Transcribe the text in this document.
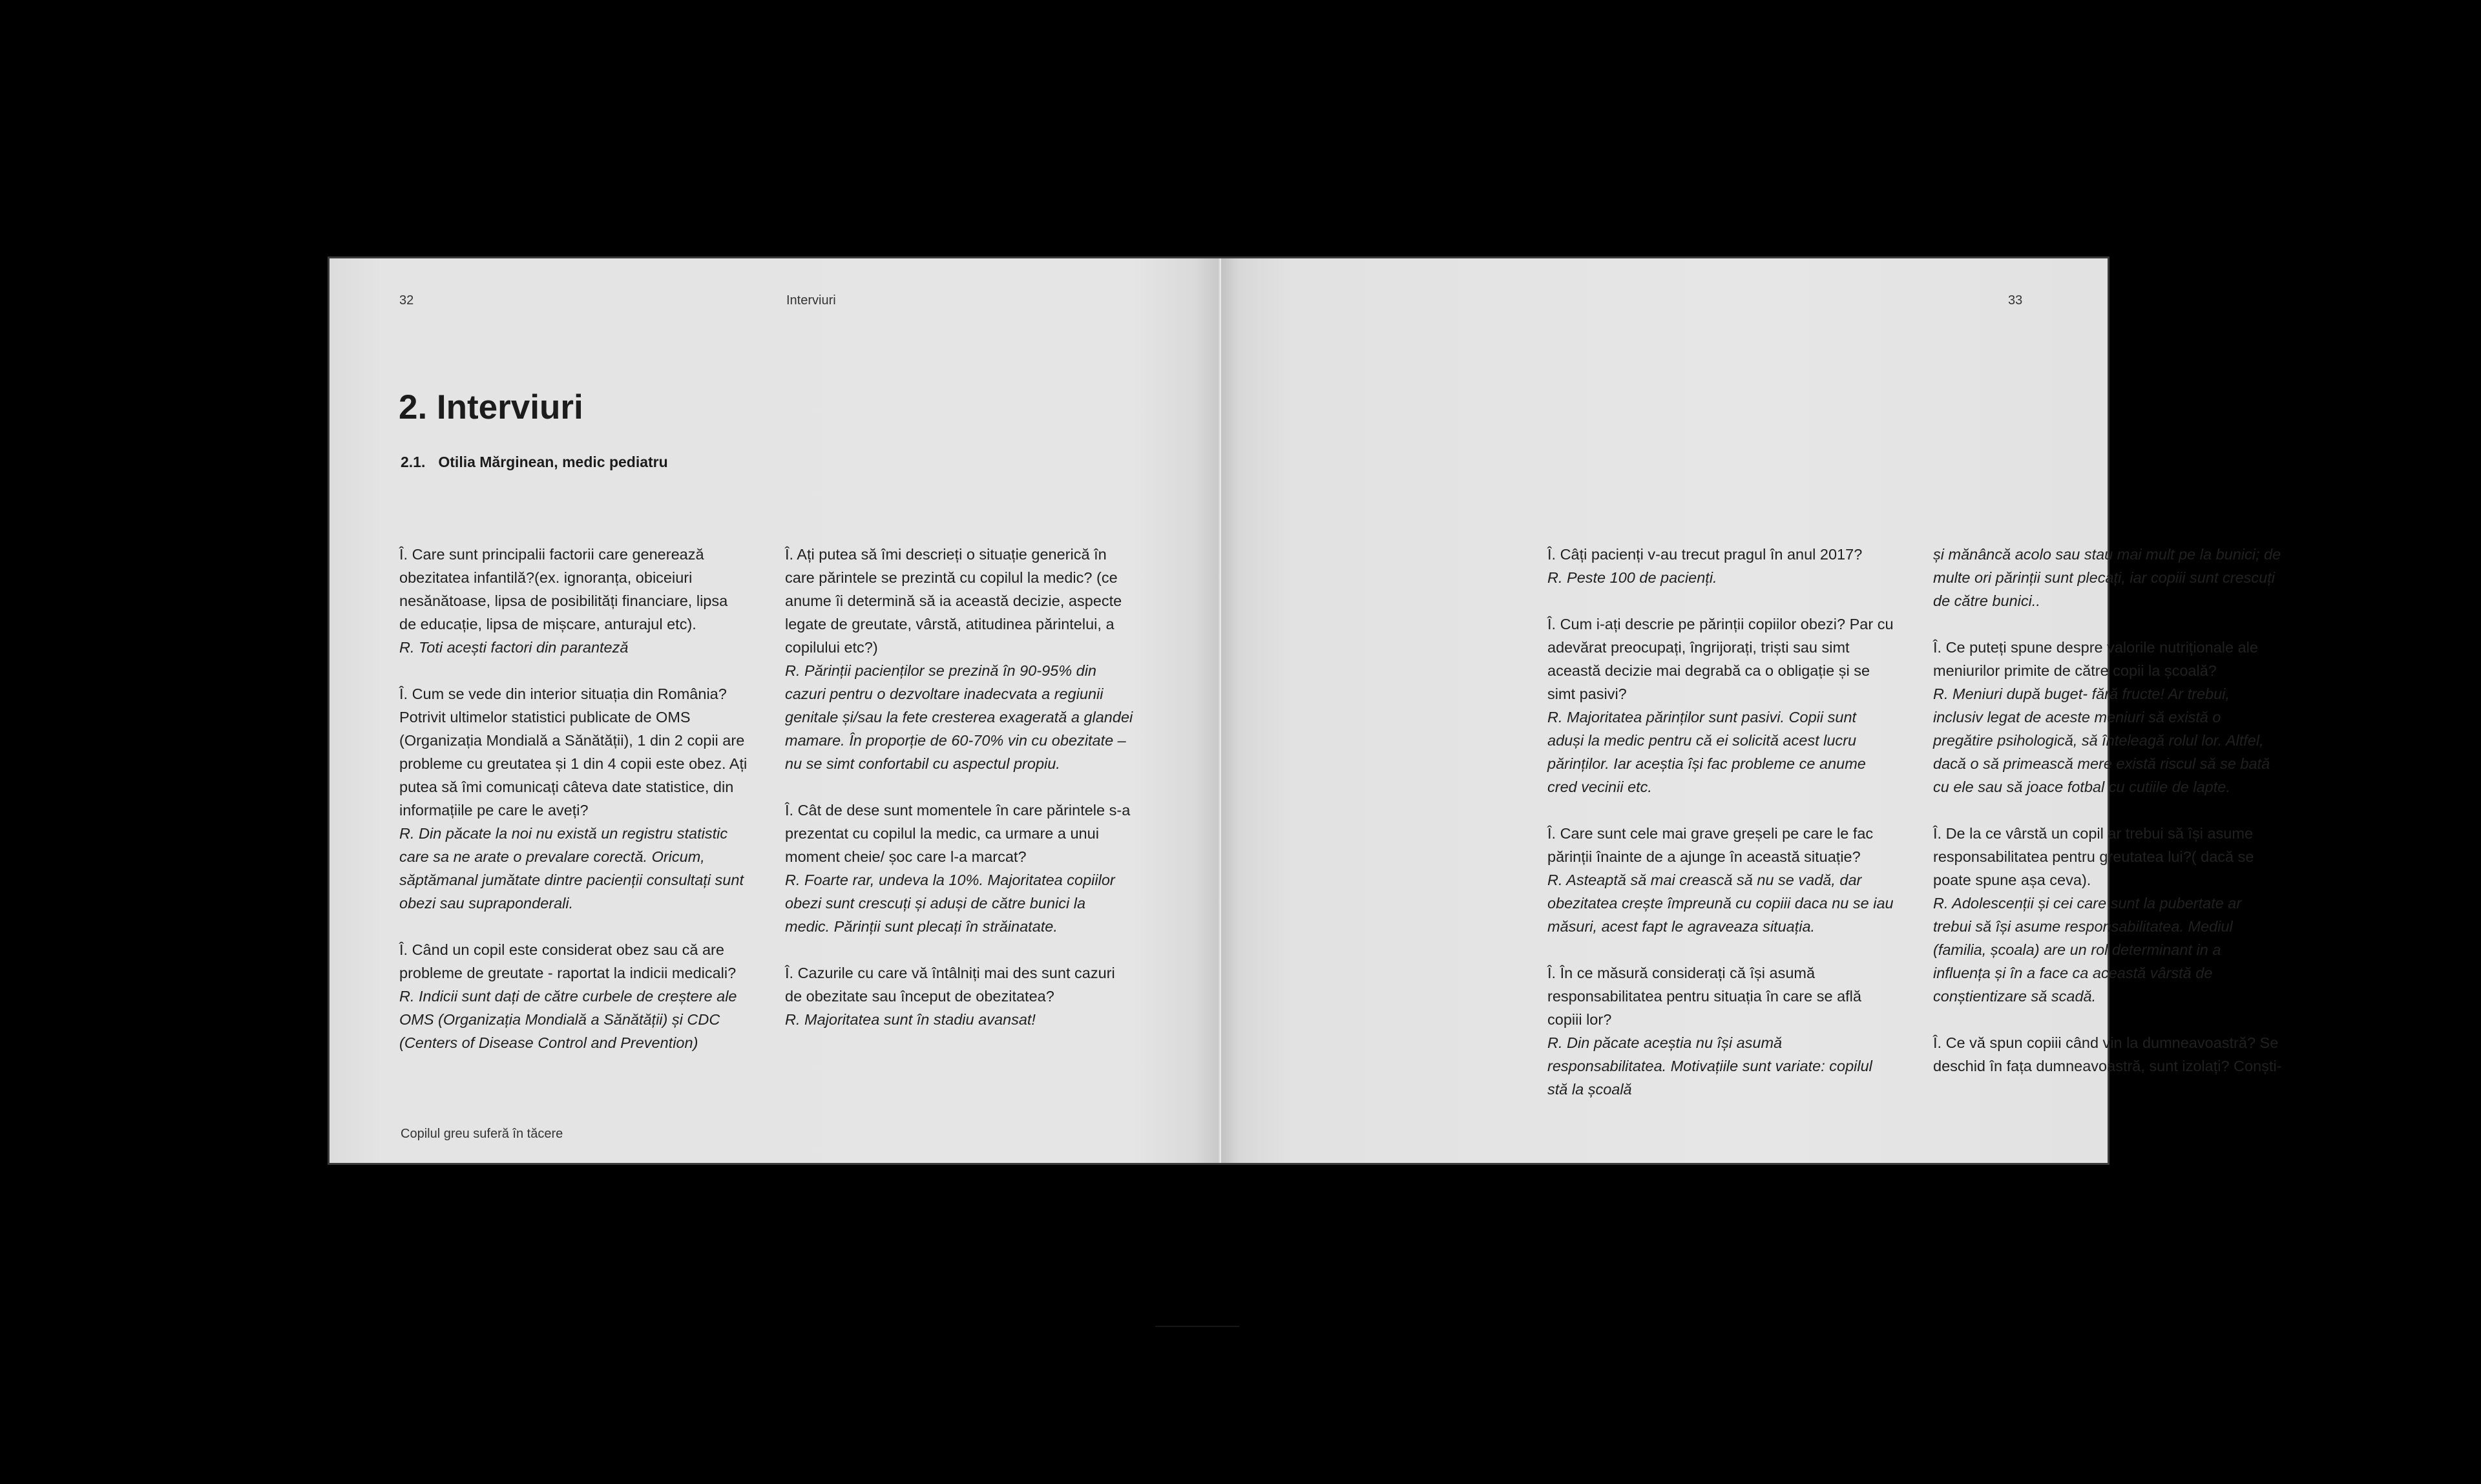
32	Interviuri
2. Interviuri
2.1. Otilia Mărginean, medic pediatru

Î. Care sunt principalii factorii care generează obezitatea infantilă?(ex. ignoranța, obiceiuri nesănătoase, lipsa de posibilități financiare, lipsa de educație, lipsa de mișcare, anturajul etc).
R. Toti acești factori din paranteză

Î. Cum se vede din interior situația din România? Potrivit ultimelor statistici publicate de OMS (Organizația Mondială a Sănătății), 1 din 2 copii are probleme cu greutatea și 1 din 4 copii este obez. Ați putea să îmi comunicați câteva date statistice, din informațiile pe care le aveți?
R. Din păcate la noi nu există un registru statistic care sa ne arate o prevalare corectă. Oricum, săptămanal jumătate dintre pacienții consultați sunt obezi sau supraponderali.

Î. Când un copil este considerat obez sau că are probleme de greutate - raportat la indicii medicali?
R. Indicii sunt dați de către curbele de creștere ale OMS (Organizația Mondială a Sănătății) și CDC (Centers of Disease Control and Prevention)

Î. Ați putea să îmi descrieți o situație generică în care părintele se prezintă cu copilul la medic? (ce anume îi determină să ia această decizie, aspecte legate de greutate, vârstă, atitudinea părintelui, a copilului etc?)
R. Părinții pacienților se prezină în 90-95% din cazuri pentru o dezvoltare inadecvata a regiunii genitale și/sau la fete cresterea exagerată a glandei mamare. În proporție de 60-70% vin cu obezitate – nu se simt confortabil cu aspectul propiu.

Î. Cât de dese sunt momentele în care părintele s-a prezentat cu copilul la medic, ca urmare a unui moment cheie/ șoc care l-a marcat?
R. Foarte rar, undeva la 10%. Majoritatea copiilor obezi sunt crescuți și aduși de către bunici la medic. Părinții sunt plecați în străinatate.

Î. Cazurile cu care vă întâlniți mai des sunt cazuri de obezitate sau început de obezitatea?
R. Majoritatea sunt în stadiu avansat!

Copilul greu suferă în tăcere
33

Î. Câți pacienți v-au trecut pragul în anul 2017?
R. Peste 100 de pacienți.

Î. Cum i-ați descrie pe părinții copiilor obezi? Par cu adevărat preocupați, îngrijorați, triști sau simt această decizie mai degrabă ca o obligație și se simt pasivi?
R. Majoritatea părinților sunt pasivi. Copii sunt aduși la medic pentru că ei solicită acest lucru părinților. Iar aceștia își fac probleme ce anume cred vecinii etc.

Î. Care sunt cele mai grave greșeli pe care le fac părinții înainte de a ajunge în această situație?
R. Asteaptă să mai crească să nu se vadă, dar obezitatea crește împreună cu copiii daca nu se iau măsuri, acest fapt le agraveaza situația.

Î. În ce măsură considerați că își asumă responsabilitatea pentru situația în care se află copiii lor?
R. Din păcate aceștia nu își asumă responsabilitatea. Motivațiile sunt variate: copilul stă la școală

și mănâncă acolo sau stau mai mult pe la bunici; de multe ori părinții sunt plecați, iar copiii sunt crescuți de către bunici..

Î. Ce puteți spune despre valorile nutriționale ale meniurilor primite de către copii la școală?
R. Meniuri după buget- fără fructe! Ar trebui, inclusiv legat de aceste meniuri să există o pregătire psihologică, să înteleagă rolul lor. Altfel, dacă o să primească mere există riscul să se bată cu ele sau să joace fotbal cu cutiile de lapte.

Î. De la ce vârstă un copil ar trebui să își asume responsabilitatea pentru greutatea lui?( dacă se poate spune așa ceva).
R. Adolescenții și cei care sunt la pubertate ar trebui să își asume responsabilitatea. Mediul (familia, școala) are un rol determinant in a influența și în a face ca această vârstă de conștientizare să scadă.

Î. Ce vă spun copiii când vin la dumneavoastră? Se deschid în fața dumneavoastră, sunt izolați? Conști-
